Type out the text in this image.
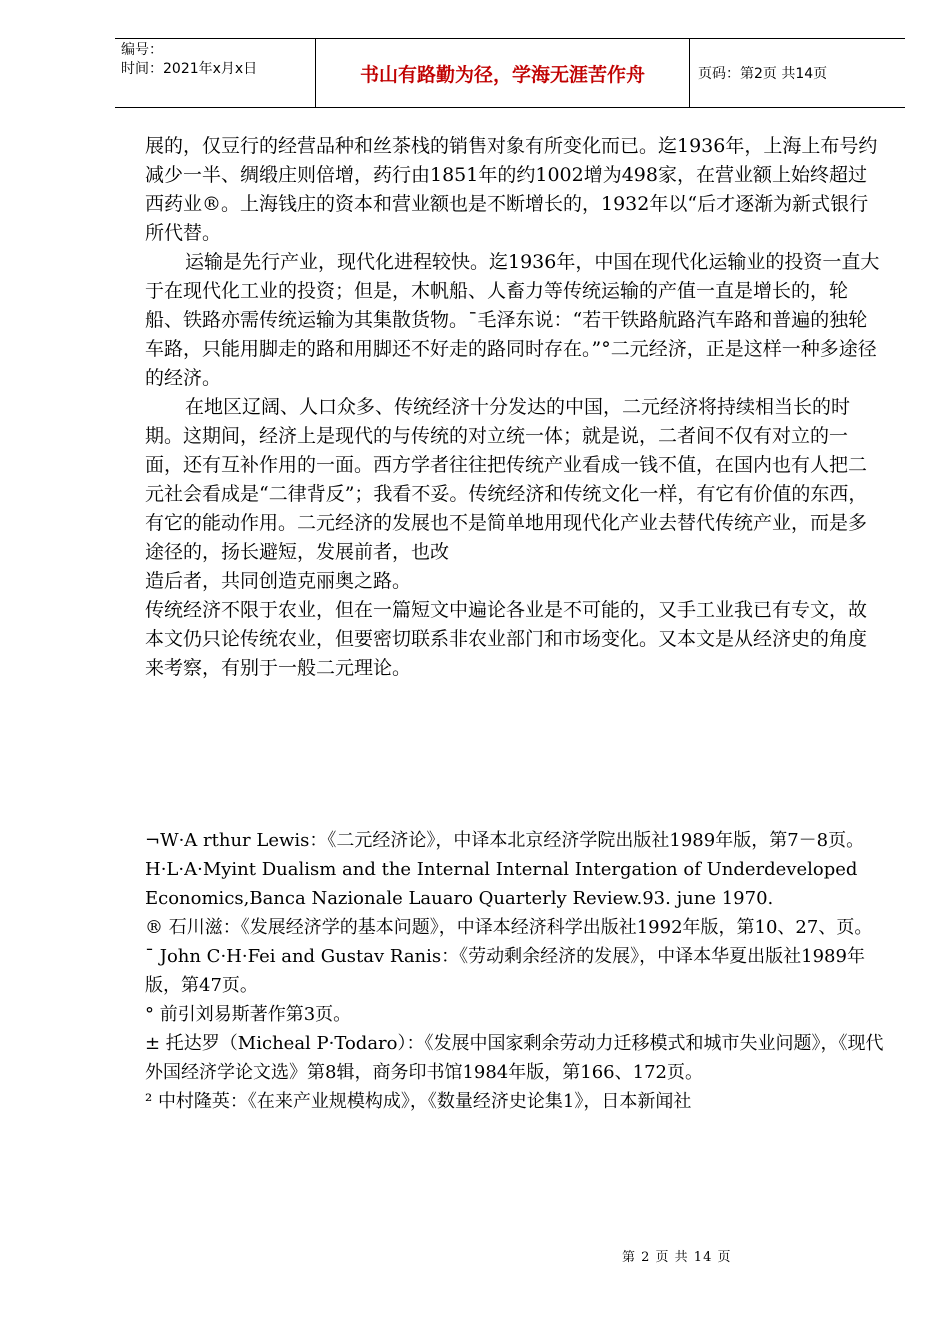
编号：
时间：2021年x月x日	书山有路勤为径，学海无涯苦作舟	页码：第2页 共14页

展的，仅豆行的经营品种和丝茶栈的销售对象有所变化而已。迄1936年，上海上布号约减少一半、绸缎庄则倍增，药行由1851年的约1002增为498家，在营业额上始终超过西药业®。上海钱庄的资本和营业额也是不断增长的，1932年以“后才逐渐为新式银行所代替。

运输是先行产业，现代化进程较快。迄1936年，中国在现代化运输业的投资一直大于在现代化工业的投资；但是，木帆船、人畜力等传统运输的产值一直是增长的，轮船、铁路亦需传统运输为其集散货物。¯毛泽东说：“若干铁路航路汽车路和普遍的独轮车路，只能用脚走的路和用脚还不好走的路同时存在。”°二元经济，正是这样一种多途径的经济。

在地区辽阔、人口众多、传统经济十分发达的中国，二元经济将持续相当长的时期。这期间，经济上是现代的与传统的对立统一体；就是说，二者间不仅有对立的一面，还有互补作用的一面。西方学者往往把传统产业看成一钱不值，在国内也有人把二元社会看成是“二律背反”；我看不妥。传统经济和传统文化一样，有它有价值的东西，有它的能动作用。二元经济的发展也不是简单地用现代化产业去替代传统产业，而是多途径的，扬长避短，发展前者，也改

造后者，共同创造克丽奥之路。

传统经济不限于农业，但在一篇短文中遍论各业是不可能的，又手工业我已有专文，故本文仍只论传统农业，但要密切联系非农业部门和市场变化。又本文是从经济史的角度来考察，有别于一般二元理论。

¬W·A rthur Lewis：《二元经济论》，中译本北京经济学院出版社1989年版，第7－8页。

H·L·A·Myint Dualism and the Internal Internal Intergation of Underdeveloped Economics,Banca Nazionale Lauaro Quarterly Review.93. june 1970.

® 石川滋：《发展经济学的基本问题》，中译本经济科学出版社1992年版，第10、27、页。

¯ John C·H·Fei and Gustav Ranis：《劳动剩余经济的发展》，中译本华夏出版社1989年版，第47页。

° 前引刘易斯著作第3页。

± 托达罗（Micheal P·Todaro）：《发展中国家剩余劳动力迁移模式和城市失业问题》，《现代外国经济学论文选》第8辑，商务印书馆1984年版，第166、172页。

² 中村隆英：《在来产业规模构成》，《数量经济史论集1》，日本新闻社

第 2 页 共 14 页
